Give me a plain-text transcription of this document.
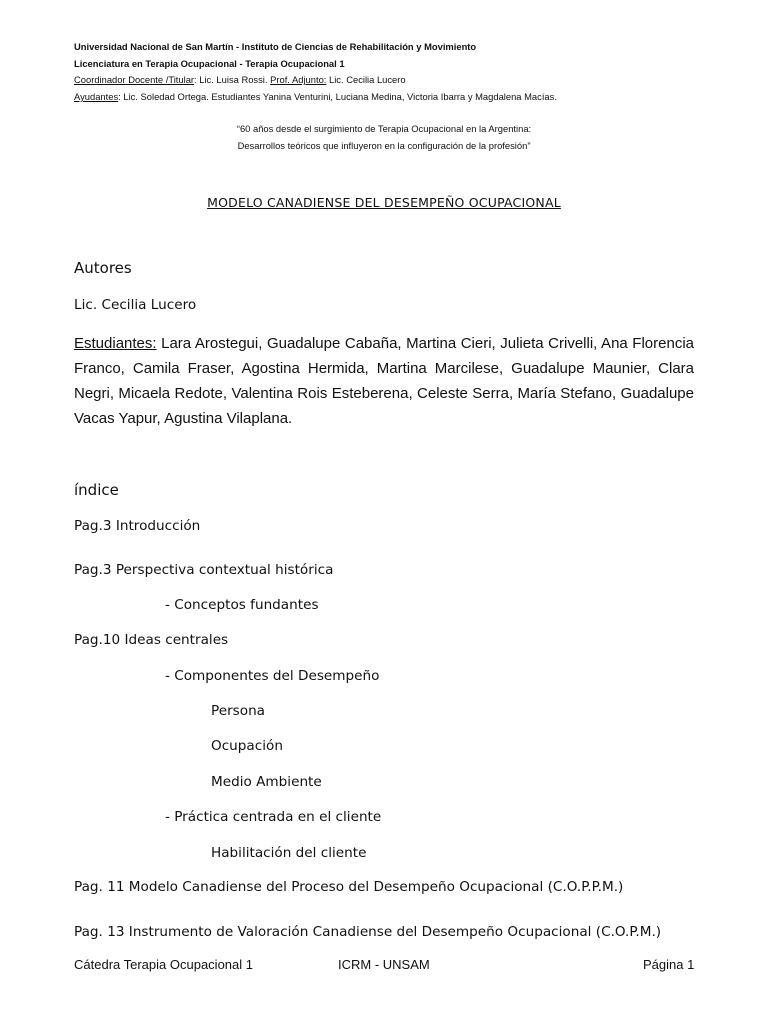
Universidad Nacional de San Martín - Instituto de Ciencias de Rehabilitación y Movimiento
Licenciatura en Terapia Ocupacional - Terapia Ocupacional 1
Coordinador Docente /Titular: Lic. Luisa Rossi. Prof. Adjunto: Lic. Cecilia Lucero
Ayudantes: Lic. Soledad Ortega. Estudiantes Yanina Venturini, Luciana Medina, Victoria Ibarra y Magdalena Macías.
“60 años desde el surgimiento de Terapia Ocupacional en la Argentina:
Desarrollos teóricos que influyeron en la configuración de la profesión”
MODELO CANADIENSE DEL DESEMPEÑO OCUPACIONAL
Autores
Lic. Cecilia Lucero
Estudiantes: Lara Arostegui, Guadalupe Cabaña, Martina Cieri, Julieta Crivelli, Ana Florencia Franco, Camila Fraser, Agostina Hermida, Martina Marcilese, Guadalupe Maunier, Clara Negri, Micaela Redote, Valentina Rois Esteberena, Celeste Serra, María Stefano, Guadalupe Vacas Yapur, Agustina Vilaplana.
índice
Pag.3 Introducción
Pag.3 Perspectiva contextual histórica
- Conceptos fundantes
Pag.10 Ideas centrales
- Componentes del Desempeño
Persona
Ocupación
Medio Ambiente
- Práctica centrada en el cliente
Habilitación del cliente
Pag. 11 Modelo Canadiense del Proceso del Desempeño Ocupacional (C.O.P.P.M.)
Pag. 13 Instrumento de Valoración Canadiense del Desempeño Ocupacional (C.O.P.M.)
Cátedra Terapia Ocupacional 1	ICRM - UNSAM	Página 1
